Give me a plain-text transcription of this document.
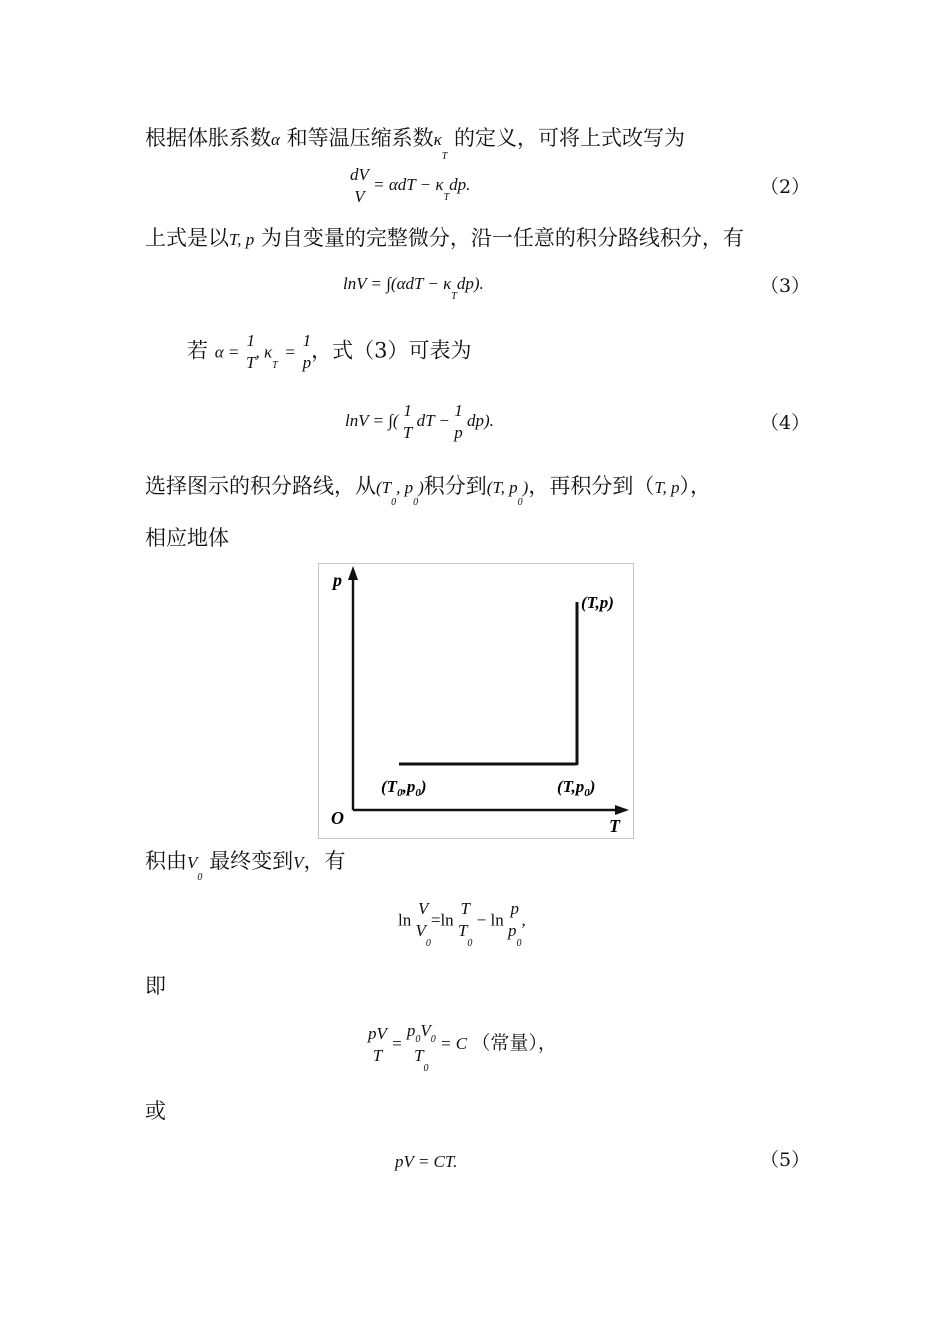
根据体胀系数α 和等温压缩系数$\kappa_T$ 的定义，可将上式改写为
dV
V
= $\alpha dT - \kappa_Tdp$.	（2）
上式是以T, p 为自变量的完整微分，沿一任意的积分路线积分，有
$\ln V = \int(\alpha dT - \kappa_Tdp)$.	（3）
若 α =
1
T
, $\kappa_T$ =
1
p ，式（3）可表为
lnV = ∫(
1
T
dT −
1
p
dp).	（4）
选择图示的积分路线，从($T_0$, $p_0$)积分到(T, $p_0$)，再积分到（T, p），
相应地体
p
T
O
(T,p)
$(T_0,p_0)$	$(T,p_0)$
积由$V_0$ 最终变到V，有
ln
V
$V_0$
=ln
T
$T_0$
− ln
p
$p_0$
,
即
pV
T
=
$p_0V_0$
$T_0$
= C （常量），
或
pV = CT.	（5）
